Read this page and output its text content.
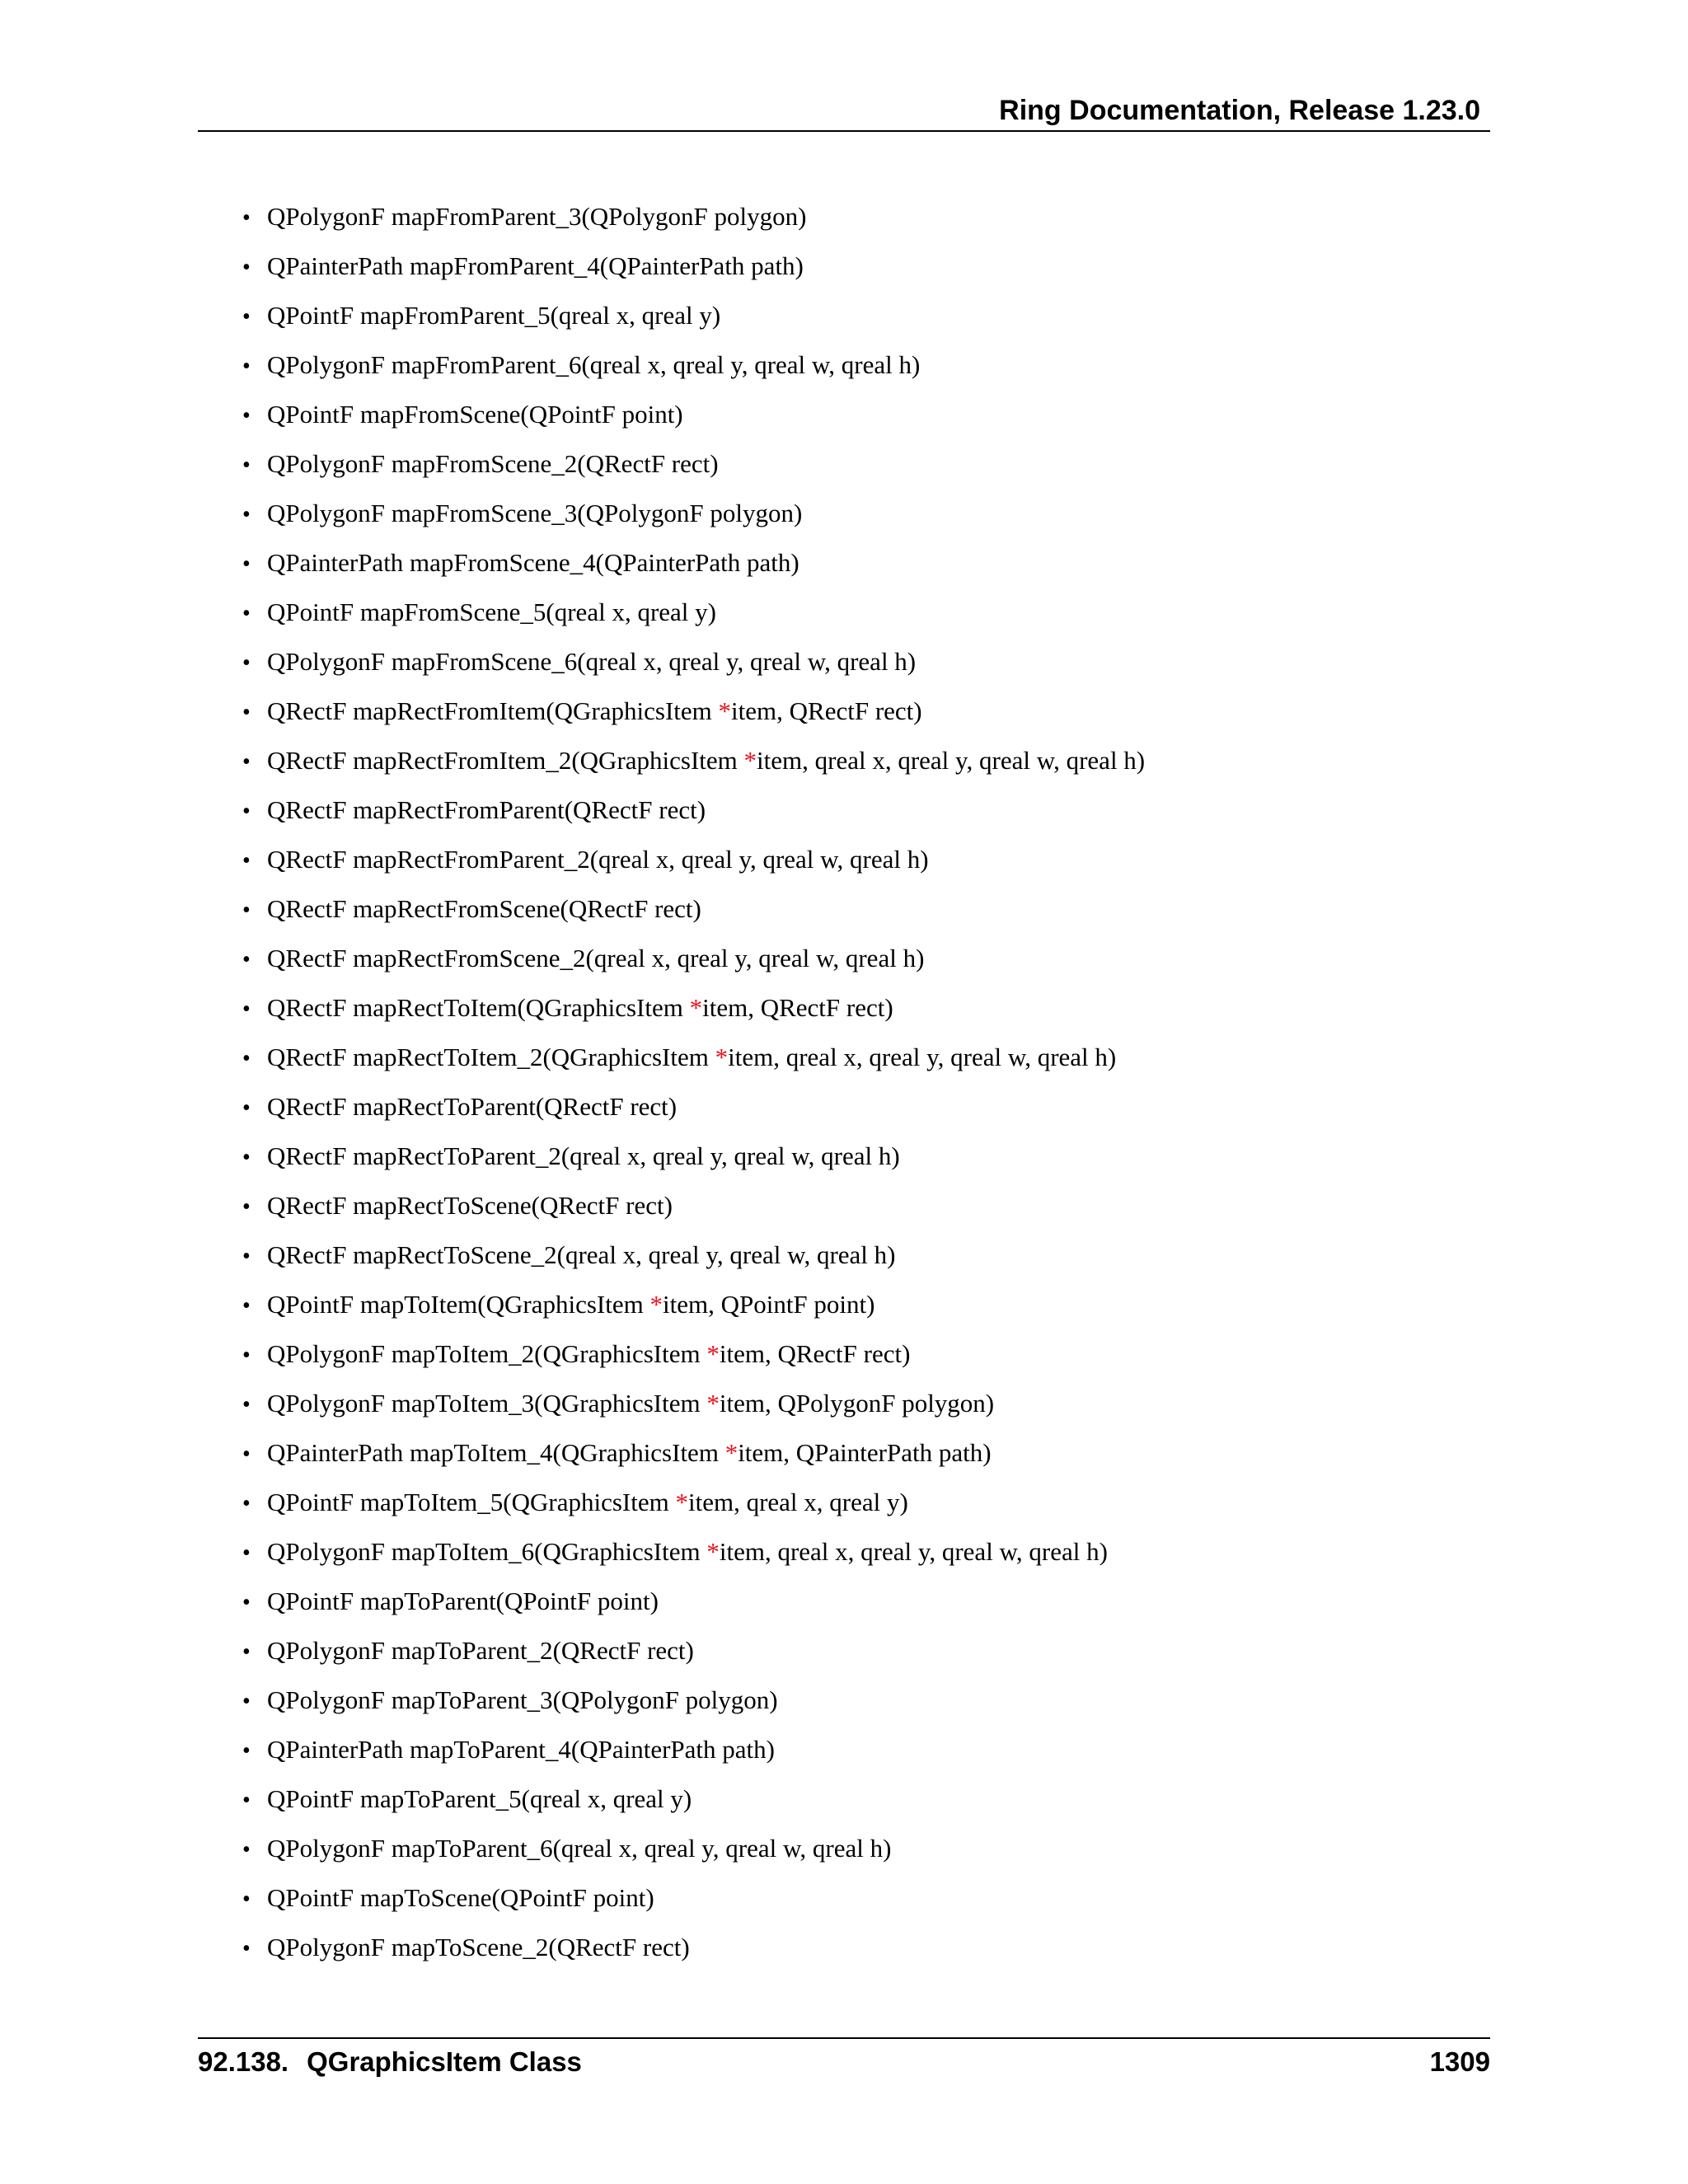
Ring Documentation, Release 1.23.0
• QPolygonF mapFromParent_3(QPolygonF polygon)
• QPainterPath mapFromParent_4(QPainterPath path)
• QPointF mapFromParent_5(qreal x, qreal y)
• QPolygonF mapFromParent_6(qreal x, qreal y, qreal w, qreal h)
• QPointF mapFromScene(QPointF point)
• QPolygonF mapFromScene_2(QRectF rect)
• QPolygonF mapFromScene_3(QPolygonF polygon)
• QPainterPath mapFromScene_4(QPainterPath path)
• QPointF mapFromScene_5(qreal x, qreal y)
• QPolygonF mapFromScene_6(qreal x, qreal y, qreal w, qreal h)
• QRectF mapRectFromItem(QGraphicsItem *item, QRectF rect)
• QRectF mapRectFromItem_2(QGraphicsItem *item, qreal x, qreal y, qreal w, qreal h)
• QRectF mapRectFromParent(QRectF rect)
• QRectF mapRectFromParent_2(qreal x, qreal y, qreal w, qreal h)
• QRectF mapRectFromScene(QRectF rect)
• QRectF mapRectFromScene_2(qreal x, qreal y, qreal w, qreal h)
• QRectF mapRectToItem(QGraphicsItem *item, QRectF rect)
• QRectF mapRectToItem_2(QGraphicsItem *item, qreal x, qreal y, qreal w, qreal h)
• QRectF mapRectToParent(QRectF rect)
• QRectF mapRectToParent_2(qreal x, qreal y, qreal w, qreal h)
• QRectF mapRectToScene(QRectF rect)
• QRectF mapRectToScene_2(qreal x, qreal y, qreal w, qreal h)
• QPointF mapToItem(QGraphicsItem *item, QPointF point)
• QPolygonF mapToItem_2(QGraphicsItem *item, QRectF rect)
• QPolygonF mapToItem_3(QGraphicsItem *item, QPolygonF polygon)
• QPainterPath mapToItem_4(QGraphicsItem *item, QPainterPath path)
• QPointF mapToItem_5(QGraphicsItem *item, qreal x, qreal y)
• QPolygonF mapToItem_6(QGraphicsItem *item, qreal x, qreal y, qreal w, qreal h)
• QPointF mapToParent(QPointF point)
• QPolygonF mapToParent_2(QRectF rect)
• QPolygonF mapToParent_3(QPolygonF polygon)
• QPainterPath mapToParent_4(QPainterPath path)
• QPointF mapToParent_5(qreal x, qreal y)
• QPolygonF mapToParent_6(qreal x, qreal y, qreal w, qreal h)
• QPointF mapToScene(QPointF point)
• QPolygonF mapToScene_2(QRectF rect)
92.138. QGraphicsItem Class	1309
